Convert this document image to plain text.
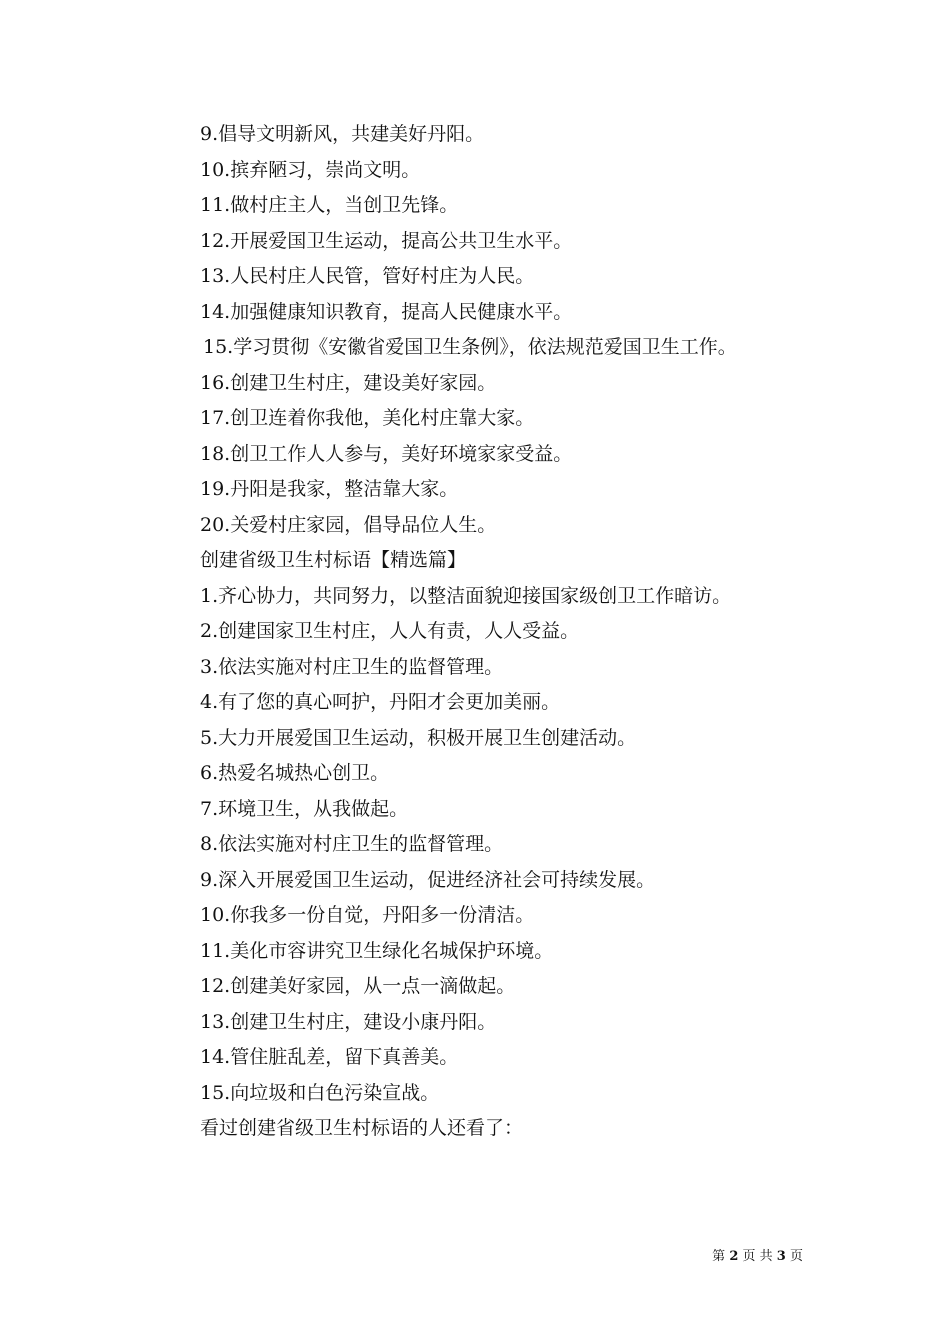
9.倡导文明新风，共建美好丹阳。
10.摈弃陋习，崇尚文明。
11.做村庄主人，当创卫先锋。
12.开展爱国卫生运动，提高公共卫生水平。
13.人民村庄人民管，管好村庄为人民。
14.加强健康知识教育，提高人民健康水平。
15.学习贯彻《安徽省爱国卫生条例》，依法规范爱国卫生工作。
16.创建卫生村庄，建设美好家园。
17.创卫连着你我他，美化村庄靠大家。
18.创卫工作人人参与，美好环境家家受益。
19.丹阳是我家，整洁靠大家。
20.关爱村庄家园，倡导品位人生。
创建省级卫生村标语【精选篇】
1.齐心协力，共同努力，以整洁面貌迎接国家级创卫工作暗访。
2.创建国家卫生村庄，人人有责，人人受益。
3.依法实施对村庄卫生的监督管理。
4.有了您的真心呵护，丹阳才会更加美丽。
5.大力开展爱国卫生运动，积极开展卫生创建活动。
6.热爱名城热心创卫。
7.环境卫生，从我做起。
8.依法实施对村庄卫生的监督管理。
9.深入开展爱国卫生运动，促进经济社会可持续发展。
10.你我多一份自觉，丹阳多一份清洁。
11.美化市容讲究卫生绿化名城保护环境。
12.创建美好家园，从一点一滴做起。
13.创建卫生村庄，建设小康丹阳。
14.管住脏乱差，留下真善美。
15.向垃圾和白色污染宣战。
看过创建省级卫生村标语的人还看了：
第 2 页 共 3 页
